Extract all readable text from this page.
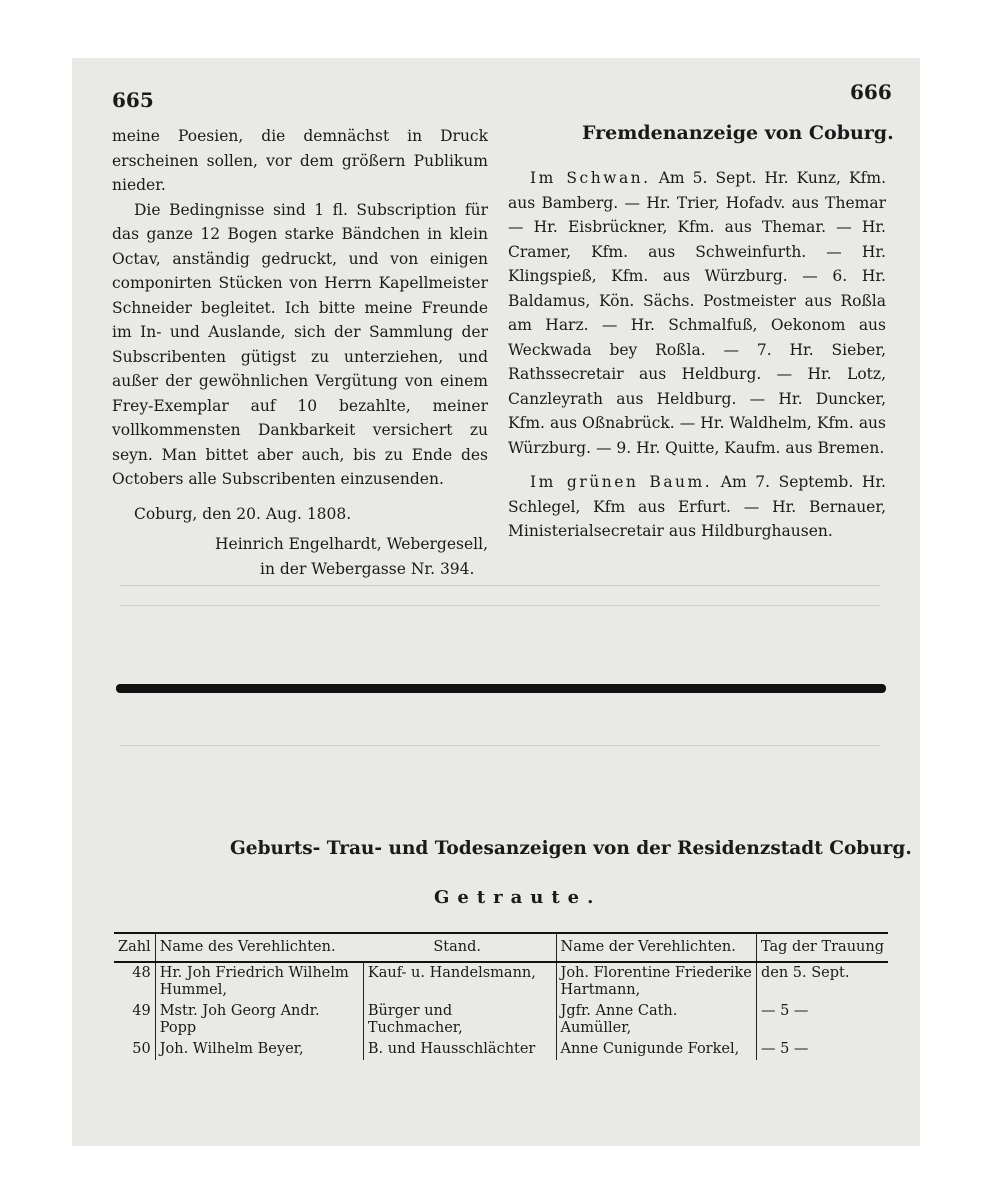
665	666

meine Poesien, die demnächst in Druck erscheinen sollen, vor dem größern Publikum nieder.

Die Bedingnisse sind 1 fl. Subscription für das ganze 12 Bogen starke Bändchen in klein Octav, anständig gedruckt, und von einigen componirten Stücken von Herrn Kapellmeister Schneider begleitet. Ich bitte meine Freunde im In- und Auslande, sich der Sammlung der Subscribenten gütigst zu unterziehen, und außer der gewöhnlichen Vergütung von einem Frey-Exemplar auf 10 bezahlte, meiner vollkommensten Dankbarkeit versichert zu seyn. Man bittet aber auch, bis zu Ende des Octobers alle Subscribenten einzusenden.

Coburg, den 20. Aug. 1808.

Heinrich Engelhardt, Webergesell,

in der Webergasse Nr. 394.

Fremdenanzeige von Coburg.

Im Schwan. Am 5. Sept. Hr. Kunz, Kfm. aus Bamberg. — Hr. Trier, Hofadv. aus Themar — Hr. Eisbrückner, Kfm. aus Themar. — Hr. Cramer, Kfm. aus Schweinfurth. — Hr. Klingspieß, Kfm. aus Würzburg. — 6. Hr. Baldamus, Kön. Sächs. Postmeister aus Roßla am Harz. — Hr. Schmalfuß, Oekonom aus Weckwada bey Roßla. — 7. Hr. Sieber, Rathssecretair aus Heldburg. — Hr. Lotz, Canzleyrath aus Heldburg. — Hr. Duncker, Kfm. aus Oßnabrück. — Hr. Waldhelm, Kfm. aus Würzburg. — 9. Hr. Quitte, Kaufm. aus Bremen.

Im grünen Baum. Am 7. Septemb. Hr. Schlegel, Kfm aus Erfurt. — Hr. Bernauer, Ministerialsecretair aus Hildburghausen.

Geburts- Trau- und Todesanzeigen von der Residenzstadt Coburg.
Getraute.
Zahl	Name des Verehlichten.	Stand.	Name der Verehlichten.	Tag der Trauung
48	Hr. Joh Friedrich Wilhelm Hummel,	Kauf- u. Handelsmann,	Joh. Florentine Friederike Hartmann,	den 5. Sept.
49	Mstr. Joh Georg Andr. Popp	Bürger und Tuchmacher,	Jgfr. Anne Cath. Aumüller,	— 5 —
50	Joh. Wilhelm Beyer,	B. und Hausschlächter	Anne Cunigunde Forkel,	— 5 —
